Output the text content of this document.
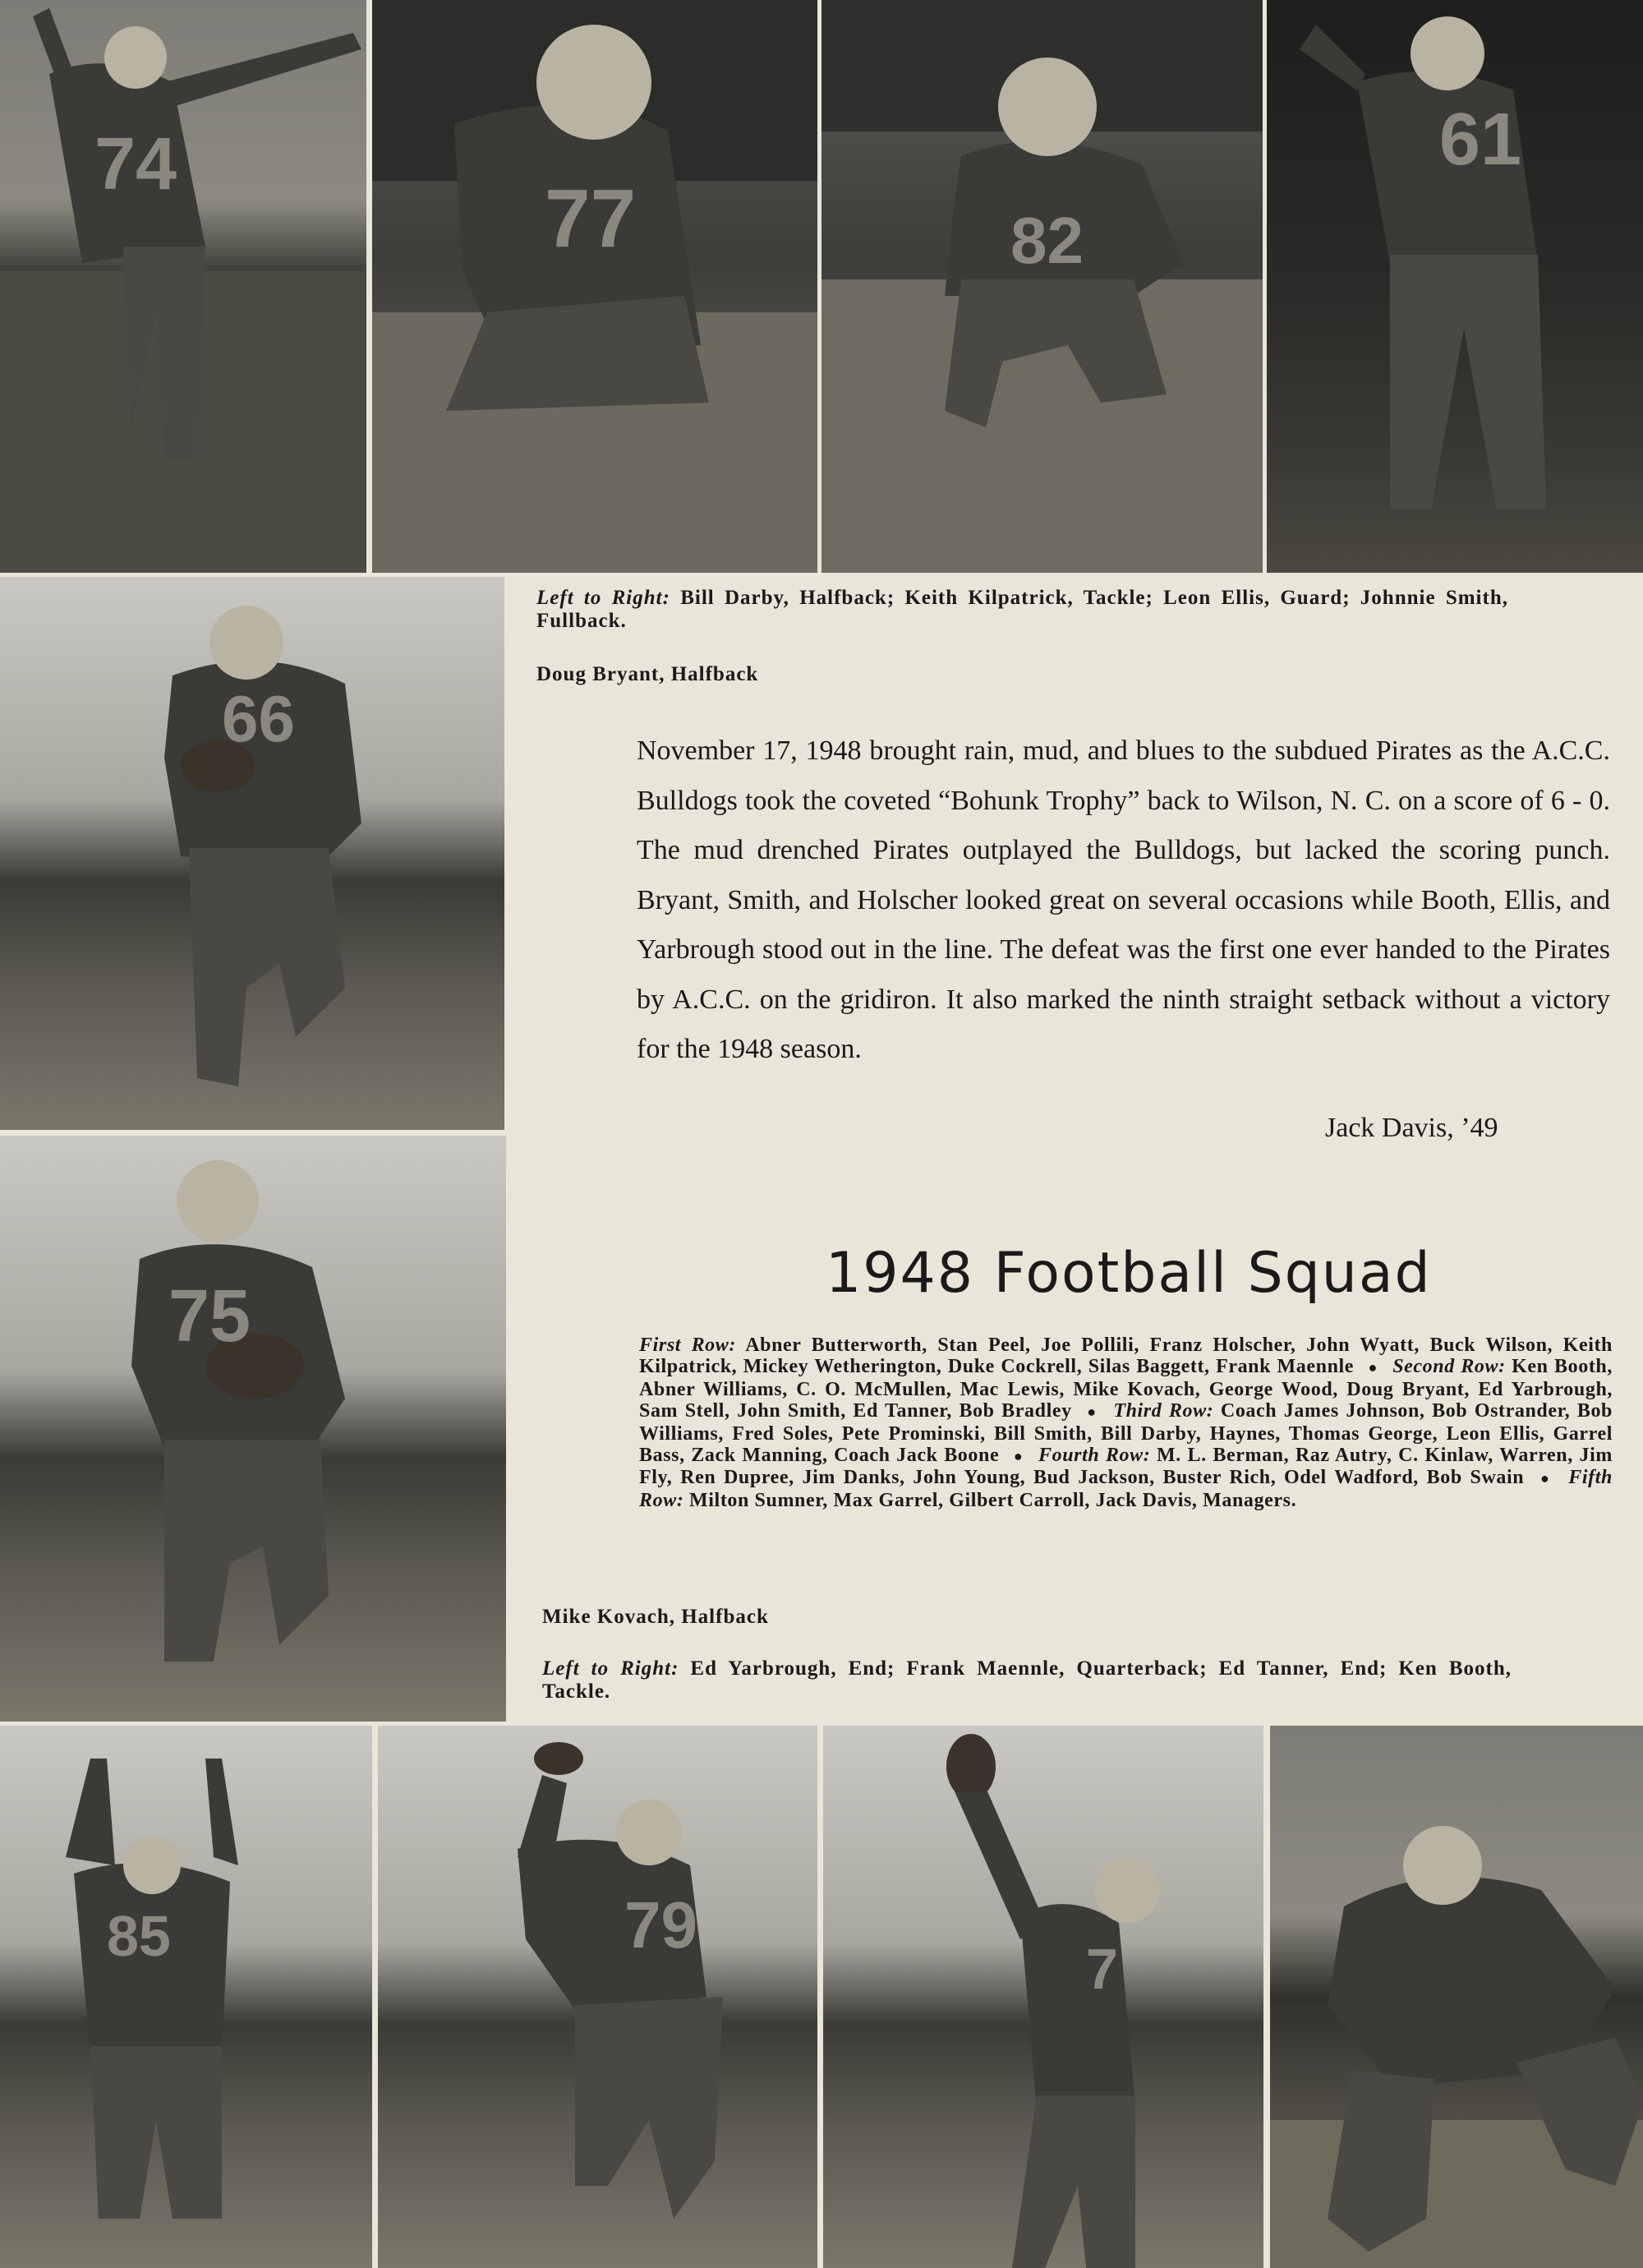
74
77	82
61
Left to Right: Bill Darby, Halfback; Keith Kilpatrick, Tackle; Leon Ellis, Guard; Johnnie Smith, Fullback.
66
Doug Bryant, Halfback
75
November 17, 1948 brought rain, mud, and blues to the subdued Pirates as the A.C.C. Bulldogs took the coveted “Bohunk Trophy” back to Wilson, N. C. on a score of 6 - 0. The mud drenched Pirates outplayed the Bulldogs, but lacked the scoring punch. Bryant, Smith, and Holscher looked great on several occasions while Booth, Ellis, and Yarbrough stood out in the line. The defeat was the first one ever handed to the Pirates by A.C.C. on the gridiron. It also marked the ninth straight setback without a victory for the 1948 season.
Jack Davis, ’49
1948 Football Squad
First Row: Abner Butterworth, Stan Peel, Joe Pollili, Franz Holscher, John Wyatt, Buck Wilson, Keith Kilpatrick, Mickey Wetherington, Duke Cockrell, Silas Baggett, Frank Maennle ● Second Row: Ken Booth, Abner Williams, C. O. McMullen, Mac Lewis, Mike Kovach, George Wood, Doug Bryant, Ed Yarbrough, Sam Stell, John Smith, Ed Tanner, Bob Bradley ● Third Row: Coach James Johnson, Bob Ostrander, Bob Williams, Fred Soles, Pete Prominski, Bill Smith, Bill Darby, Haynes, Thomas George, Leon Ellis, Garrel Bass, Zack Manning, Coach Jack Boone ● Fourth Row: M. L. Berman, Raz Autry, C. Kinlaw, Warren, Jim Fly, Ren Dupree, Jim Danks, John Young, Bud Jackson, Buster Rich, Odel Wadford, Bob Swain ● Fifth Row: Milton Sumner, Max Garrel, Gilbert Carroll, Jack Davis, Managers.
Mike Kovach, Halfback
Left to Right: Ed Yarbrough, End; Frank Maennle, Quarterback; Ed Tanner, End; Ken Booth, Tackle.
85	79
7
